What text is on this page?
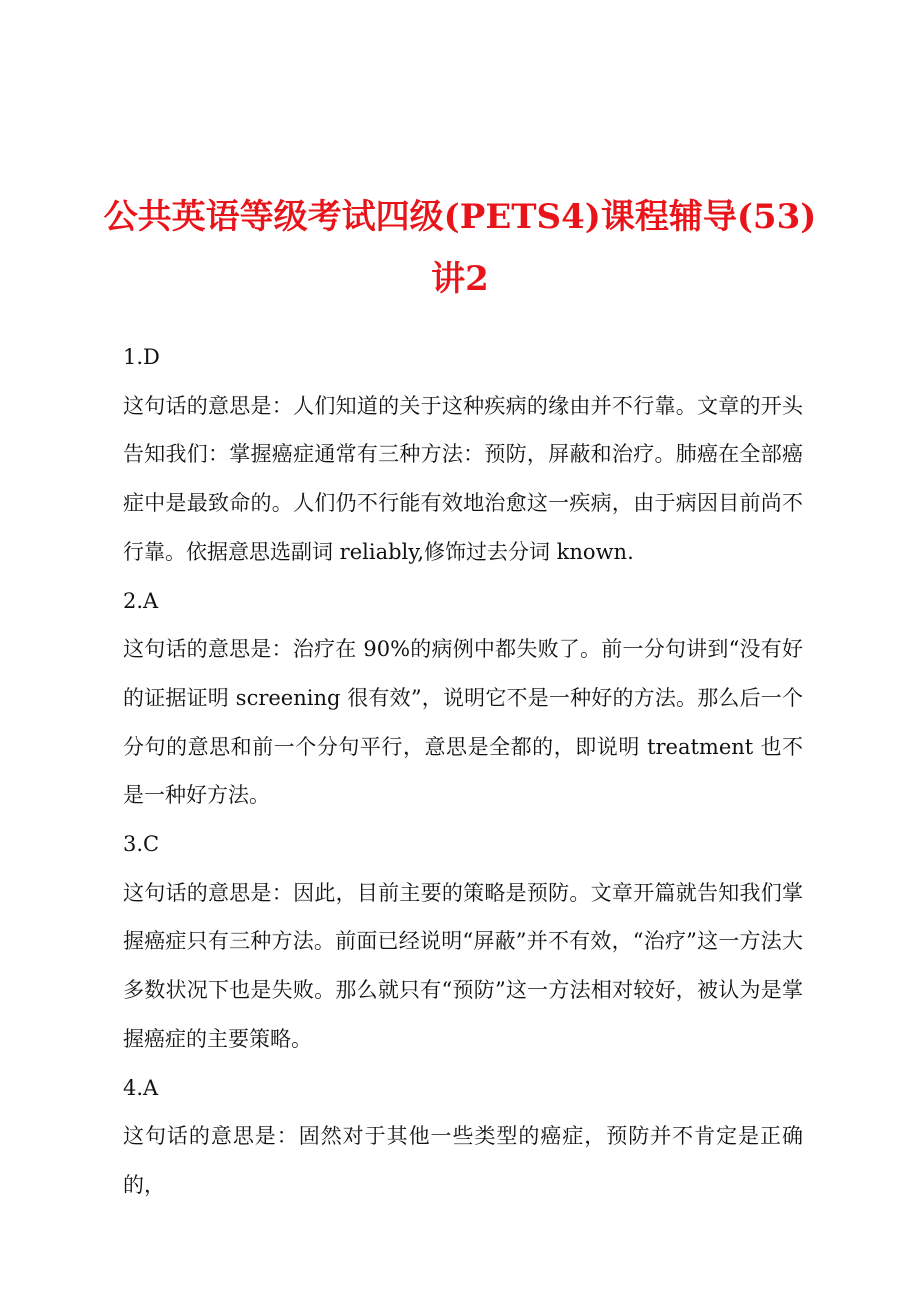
公共英语等级考试四级(PETS4)课程辅导(53)
讲2

1.D

这句话的意思是：人们知道的关于这种疾病的缘由并不行靠。文章的开头告知我们：掌握癌症通常有三种方法：预防，屏蔽和治疗。肺癌在全部癌症中是最致命的。人们仍不行能有效地治愈这一疾病，由于病因目前尚不行靠。依据意思选副词 reliably,修饰过去分词 known.

2.A

这句话的意思是：治疗在 90%的病例中都失败了。前一分句讲到“没有好的证据证明 screening 很有效”，说明它不是一种好的方法。那么后一个分句的意思和前一个分句平行，意思是全都的，即说明 treatment 也不是一种好方法。

3.C

这句话的意思是：因此，目前主要的策略是预防。文章开篇就告知我们掌握癌症只有三种方法。前面已经说明“屏蔽”并不有效，“治疗”这一方法大多数状况下也是失败。那么就只有“预防”这一方法相对较好，被认为是掌握癌症的主要策略。

4.A

这句话的意思是：固然对于其他一些类型的癌症，预防并不肯定是正确的，
